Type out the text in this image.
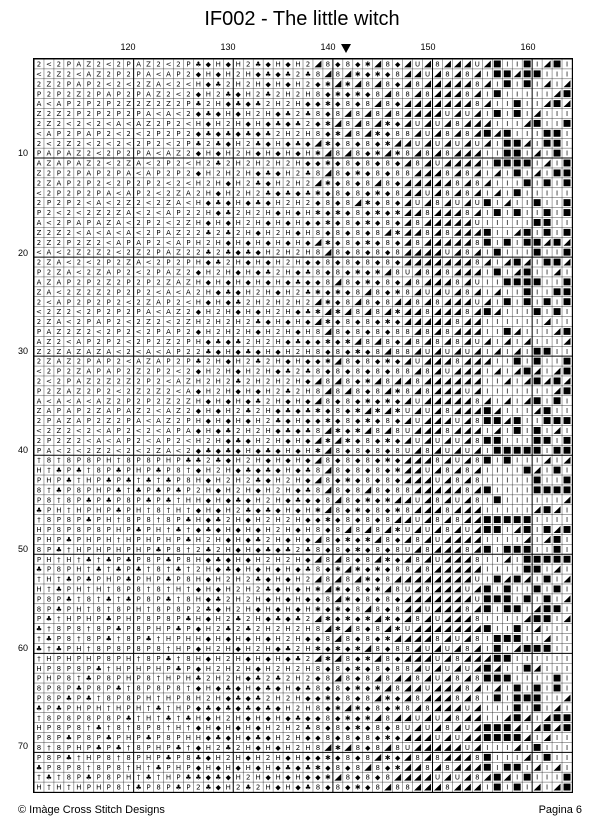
IF002 - The little witch
120	130	140	150	160
10
20
30
40
50
60
70
2 < 2 P A Z 2 < 2 P A Z 2 < 2 P ♣ ◆ H ◆ H 2 ♣ ◆ H ◆ H 2 8 ◆ 8 ◆ ✱ 8 ◆ U 8	U	I I	I	I
< 2 Z 2 < A Z 2 P 2 P A < A P 2 ◆ H ◆ H 2 H ◆ ♣ ◆ ♣ 2 ♣ 8 8 ✱ ◆ ✱ ◆ 8	U 8 8 I	I I I
2 Z 2 P A P 2 < 2 < 2 Z A < 2 < H ◆ ♣ 2 H 2 H ◆ H ◆ H 2 ◆ ✱ ✱ 8 8 ◆ 8	8 I	I	I	I
P 2 P 2 Z 2 P A P 2 P A Z 2 < 2 ◆ H 2 ♣ ◆ H 2 ♣ 2 H 2 H 8 ◆ ✱ ◆ ✱ ◆ 8 8 8 8	8 I	I I I I I
A < A P 2 P 2 P 2 Z 2 Z 2 Z 2 P ♣ 2 H ◆ ♣ ◆ ♣ 2 H 2 H ◆ ◆ ✱ ◆ 8 ◆ 8 8 ◆	8 I I	I I
Z 2 Z 2 P 2 P 2 P 2 P A < A < 2 ◆ ♣ ◆ H ◆ H 2 H ◆ ♣ 2 ♣ 8 ◆ 8 8 8 8	U U I	I	I	I I I
2 Z 2 < 2 < 2 < A < A Z 2 P 2 < H ◆ H 2 H ◆ H ◆ ♣ ◆ ♣ 2 ◆ ✱ 8 8 ✱ ◆ U U 8	I I I	I I
< A P 2 P A P 2 < 2 < 2 P 2 P 2 ◆ ♣ ◆ ♣ ◆ ♣ ◆ ♣ 2 H 2 H 8 ◆ ✱ 8 ✱ ◆ 8 8 U 8 8	I I I	I
2 < 2 Z 2 < 2 < 2 < 2 P 2 < 2 P ♣ 2 ♣ ◆ H 2 ♣ ◆ H ◆ ♣ ◆ ✱ ◆ 8 ◆ 8 ◆ ✱	U U U U I	I	I
P A P A Z 2 < 2 P 2 P A < A Z 2 ◆ H ◆ H 2 H ◆ H ◆ H ◆ H ✱ 8 8 ◆ ✱ ✱ 8 8 8	I I	I	I	I
A Z A P A Z 2 < 2 Z A < 2 P 2 < H 2 ♣ 2 H 2 H 2 H 2 H ◆ ◆ ✱ ◆ 8 ◆ 8 ◆ 8 ◆ 8 U	I	I	I
Z 2 P 2 P A P 2 P A < A P 2 P 2 ◆ H 2 H 2 H ◆ ♣ ◆ H 2 ♣ 8 8 ◆ ✱ ◆ 8 ◆ 8 8	8 8 I	I	I	I
2 Z A P 2 P 2 < 2 P 2 P 2 < 2 < H 2 H ◆ H 2 ♣ ◆ H 2 H 2 ✱ ◆ 8 ◆ 8 8 ◆	8 8 I I I	I	I
< 2 P 2 P 2 P A < A P 2 < 2 Z A 2 H ◆ H 2 H 2 ♣ ◆ ♣ ◆ ♣ ✱ ◆ 8 ◆ 8 ◆ ✱ ◆ 8	U 8 8 I	I	I I I I I
2 P 2 P 2 < A < 2 Z 2 < 2 Z A < H ◆ ♣ ◆ H ◆ ♣ ◆ H 2 H 2 ◆ 8 ◆ 8 ✱ ◆ 8 ◆ U 8 U U I	I I	I I
P 2 < 2 < 2 Z 2 Z A < 2 < A P 2 2 H ◆ ♣ 2 H 2 H ◆ H ◆ H ✱ ◆ ✱ ◆ 8 ◆ ✱ ◆ ✱	8	8 I	I	I I	I
A < 2 P A P A Z A < 2 P 2 < 2 Z H ◆ H ◆ H 2 H ◆ H ◆ H ◆ ◆ ✱ ◆ 8 ◆ ✱ ◆ 8 ◆ 8	U I I I I I	I I
Z 2 Z 2 < A < A < A < 2 P A Z 2 2 ♣ 2 ♣ 2 H ◆ H 2 H ◆ H 8 ◆ 8 ◆ 8 ◆ 8 ✱	8 8	I I	I	I
2 Z 2 P 2 Z 2 < A P A P 2 < A P H 2 H ◆ H ◆ H ◆ H ◆ H ◆ ✱ ◆ 8 ◆ ✱ ◆ 8 ◆ 8	8 I	I
< A < 2 Z 2 Z 2 < 2 Z 2 P A Z 2 2 ♣ 2 ♣ ◆ ♣ ◆ H 2 H 2 H 8 8 ◆ 8 ◆ 8 ◆ 8	U 8 I	I I I	I I
2 Z A < 2 < 2 P 2 Z A < 2 P 2 P H ◆ ♣ 2 H ◆ H ◆ H 2 H ◆ ◆ 8 ◆ 8 ◆ 8 ◆ 8 ◆	8 I	I
P 2 Z A < 2 Z A P 2 < 2 P A Z 2 ◆ H 2 H ◆ H ◆ ♣ 2 H ◆ ♣ 8 ◆ 8 ◆ ✱ ◆ ✱ 8 U 8 8	I	I	I I	I
A Z A P 2 P 2 Z 2 P 2 P 2 Z A Z H ◆ H ◆ H ◆ H ◆ H ◆ ♣ ◆ ◆ 8 8 ◆ ✱ ◆ 8 ◆ 8	8 U I I	I I
Z A < 2 Z 2 Z 2 P 2 P 2 < A < A 2 H ◆ ♣ ◆ H 2 H ◆ H 2 ♣ ✱ ◆ ✱ ◆ 8 8 ◆ ✱ 8 U U 8 I	I I	I I
2 < A P 2 P 2 P 2 < 2 Z A P 2 < H ◆ H ◆ ♣ 2 H 2 H 2 H 2 ✱ ◆ 8 8 ◆ 8	8 8	U I	I	I	I
< 2 Z 2 < 2 P 2 P 2 P A < A Z 2 ◆ H 2 H ◆ H ◆ H 2 H ◆ ♣ ✱ ✱ 8 8 ✱	8	8	I I I	I	I
2 Z A < 2 P A P 2 < 2 Z 2 < 2 Z H 2 H 2 H 2 ♣ ◆ H ◆ H ◆ ✱ ◆ 8 ◆ 8 ◆ ✱ ◆	8	I I I I I I	I I
P A Z 2 Z 2 < 2 P 2 < 2 P A P 2 ◆ H 2 H 2 H ◆ H 2 H ◆ H 8 8 ◆ 8 ◆ 8 ◆ 8 8 8 8	I I	I I I
A Z 2 < A P 2 P 2 < 2 P 2 Z 2 P H ◆ ♣ ◆ ♣ 2 H 2 H ◆ ♣ ◆ ◆ ✱ ◆ ✱ 8 8 ◆ 8 8 8 U I	I	I I I
Z 2 Z A Z A Z A < 2 < A < A P 2 2 ♣ ◆ H ◆ ♣ ◆ H ◆ H 2 H 8 ◆ 8 ◆ ✱ ◆ 8 8 8 U U U I	I	I	I I
2 Z A Z 2 P A P 2 < A Z A P 2 P ♣ 2 H ◆ H 2 ♣ 2 H ◆ H ◆ ◆ ✱ 8 ◆ 8 ◆ ✱ ◆ U	8	I I	I	I I
< 2 P 2 Z A P A P 2 Z 2 P 2 < 2 ◆ H 2 H ◆ H 2 H ◆ ♣ 2 ♣ 8 ◆ 8 ◆ 8 ◆ 8 ◆ 8 8 8 U	I	I	I
2 < 2 P A Z 2 Z 2 Z 2 P 2 < A Z H 2 H 2 ♣ 2 H 2 H 2 H ◆ 8 8 ◆ ✱ 8	8	I I	I
P 2 Z A Z 2 P 2 < 2 Z 2 Z 2 < A ◆ H 2 H ◆ H ◆ H 2 ♣ 2 H 8 8 8 ◆ 8 ✱ 8 8	U I I I I I I I
A < A < A < A Z 2 P 2 P 2 Z 2 Z H ◆ H ◆ H ◆ ♣ 2 H ◆ H ◆ 8 ◆ 8 ◆ ✱ ◆ ✱ ◆ U	8 I	I	I	I
Z A P A P 2 Z A P A Z 2 < A Z 2 ◆ H ◆ H 2 ♣ 2 H ◆ ♣ ◆ ♣ ✱ ◆ 8 ◆ ✱ ✱ ✱ U U 8	I I I	I I
2 P A Z A P 2 Z 2 P A < A Z 2 P H ◆ H ◆ H ◆ H 2 ♣ ◆ H ◆ ◆ ✱ ◆ 8 ◆ ✱ ◆ 8 ◆ U	U 8	I I
< 2 Z 2 < 2 < A P 2 < 2 < A P A ◆ H ◆ ♣ 2 H 2 H ◆ ♣ ◆ ♣ 8 ✱ ◆ ✱ 8 8 U	8	I	I	I	I	I
2 P 2 Z 2 < A < A P 2 < A P 2 < H 2 H ◆ ♣ ◆ H 2 H ◆ H ◆ ✱ ✱ ◆ 8 ◆ ✱ ◆ U U U 8	I I I	I
P A < 2 < 2 Z 2 < 2 < 2 Z A < 2 ◆ ♣ ◆ ♣ ◆ H ◆ ♣ ◆ H ◆ H ✱ 8 ◆ 8 ◆ 8 ◆ 8 U 8 U U I	I
† 8 † 8 P 8 P H † 8 P 8 P H P ♣ ♣ 2 ♣ ◆ H 2 H ◆ H ◆ H ◆ 8 ◆ 8 ◆ 8 ◆ ✱ ◆	8 U 8 I	I I I	I
H † ♣ P ♣ † 8 P ♣ P H P ♣ P 8 † ◆ H 2 H ◆ ♣ ◆ ♣ ◆ H ◆ ♣ 8 8 ◆ 8 ◆ 8 ◆ ✱	U 8 8 I I I I	I	I
P H P ♣ † H P ♣ P ♣ † ♣ † ♣ P 8 H ◆ H 2 H 2 ♣ ◆ H 2 H ◆ 8 ◆ ✱ ◆ 8 ◆ 8 ◆	U 8 8 I I I I I	I I
8 † ♣ P 8 P H P ♣ † ♣ P ♣ P ♣ P 2 H ◆ H 2 H ◆ H 2 H ◆ ♣ 8 8 ◆ 8 8 ◆ 8 8	8	I I I I
P 8 † 8 P ♣ P ♣ P 8 P ♣ P ♣ † H H ◆ H ◆ ♣ ◆ H 2 H ◆ ♣ ◆ ◆ 8 8 ◆ ✱ ◆ ✱	U 8 U 8 I	I I I I I I
♣ P H † H P H P ♣ P H † 8 † H † ◆ H ◆ H 2 ♣ ◆ ♣ ◆ H ◆ H ✱ 8 ◆ ✱ ◆ 8 ◆ ✱ 8	8	I I I I I	I
† 8 P 8 P ♣ P H † 8 P 8 † 8 P ♣ H ◆ ♣ 2 H ◆ H 2 H 2 H ◆ ◆ ✱ ◆ 8 ◆ 8 ◆ 8	U 8 8	I I I I
H P 8 P 8 P 8 P H P ♣ P H † ♣ † ◆ ♣ ◆ H ◆ H ◆ H 2 H ◆ H 8 ◆ 8 8 8 ✱ U U 8 U	I	I
P H P ♣ P H P H † H P H P H P ♣ H 2 H ◆ H ◆ ♣ 2 H ◆ H ◆ 8 ◆ ✱ ◆ ✱ 8 ◆ 8 U	I I I I	I	I
8 P ♣ † H P H P H P H P ♣ P 8 † 2 ♣ 2 H ◆ H ◆ ♣ ◆ ♣ 2 ♣ 8 ◆ 8 ◆ ✱ ◆ 8 ◆ 8 U 8	8	I	I I	I
P H † H † ♣ † ♣ P ♣ P 8 P ♣ P 8 H ◆ ♣ ◆ H ◆ H 2 H 2 H ◆ 8 8 ◆ 8 ✱ ◆ 8 U	8 I I	I
♣ P 8 P H † ♣ † ♣ P ♣ † 8 † ♣ † 2 H ◆ ♣ ◆ H ◆ H ◆ H ◆ ♣ 8 ◆ ✱ ✱ ◆ ✱ ◆ 8 8 8	I I I I	I	I
† H † ♣ P ♣ P H P ♣ P H P ♣ P 8 H ◆ H 2 H 2 ♣ ◆ H ◆ H 2 8 8 ✱ ◆ 8	U I	I	I
H † ♣ P H † H † 8 P 8 † 8 † H † ◆ H ◆ H 2 H 2 ♣ ◆ H ◆ H ✱ ✱ ◆ 8 ◆ ✱ 8 U 8	U	I	I I	I	I
P 8 P ♣ † 8 † ♣ † ♣ P 8 P ♣ † 8 H ◆ ♣ 2 H 2 H ◆ H ◆ H ◆ ◆ 8 ✱ ◆ 8 ◆ 8 ◆	U	I	I	I
8 P ♣ P H † 8 † 8 P H † 8 P 8 P 2 ♣ ◆ H 2 H ◆ H ◆ H ◆ H ✱ ◆ ✱ ◆ 8 8 ◆ 8	U	8	I	I	I
P ♣ † H P H P ♣ P H P 8 P 8 P ♣ H ◆ H 2 ♣ 2 H ◆ ♣ ◆ ♣ 2 ✱ ◆ ✱ ◆ ✱ ✱ ◆ 8 U	8 I I I I	I
♣ † 8 P 8 † 8 P ♣ P 8 P H P ♣ P ◆ H 2 ♣ 2 ♣ 2 H 2 H 2 H 8 ✱ 8 ◆ 8 ✱ U	I I	I	I I I
† ♣ P 8 † 8 P ♣ † 8 P ♣ † H P H H ◆ H ◆ H ◆ H ◆ H 2 H ◆ ◆ 8 8 ◆ 8 ◆ ✱	8 U 8 I	I I	I I
♣ † ♣ P H † 8 P 8 P 8 P 8 † H P ◆ H 2 H ◆ H 2 H ◆ ♣ 2 H ✱ ◆ ✱ ◆ ✱ 8 ◆ 8 8 U U 8 I	I	I I
† H P H P H P 8 P H † 8 P ♣ † 8 H ◆ H 2 H ◆ H ◆ H ◆ ♣ 2 ✱ 8 ◆ ✱ 8 ◆	U 8	I I I I I I
H P 8 P 8 P ♣ † H P H P H P ♣ P ◆ H 2 H 2 H ◆ H 2 H 2 H 8 ◆ 8 ◆ ✱ ◆ 8 ◆ 8 8 U U U	I I	I I I
P H P 8 † ♣ P 8 P H P 8 † H P H ♣ 2 H 2 H ◆ ♣ 2 ♣ 2 H 2 ◆ 8 8 ◆ 8 8	8 U 8 8	I I I I	I
8 P 8 P ♣ P 8 P ♣ † 8 P 8 P 8 † ◆ H ◆ ♣ ◆ H ◆ ♣ ◆ H ◆ ♣ 8 ◆ 8 ◆ ✱ ◆ ✱ 8	U	8 I	I	I	I	I
P 8 P ♣ P ♣ † 8 P 8 P H † H P 8 H 2 H ◆ ♣ ◆ ♣ 2 H 2 H ◆ ◆ ✱ ◆ 8 ◆ 8 ✱ ◆ 8	8 8 I	I	I I
♣ P ♣ P H P H † H P H † ♣ † H P ◆ ♣ ◆ ♣ ◆ ♣ ◆ ♣ ◆ H 2 H 8 ◆ ✱ ✱ ◆ 8 ◆ ✱ 8 8	U I I I	I	I	I
† 8 P 8 P 8 P 8 P ♣ † H † ♣ † ♣ H ◆ H 2 H ◆ H ◆ H ◆ ♣ ◆ ◆ 8 ◆ ✱ ◆ ✱ 8	U U 8	I I	I
H P 8 P 8 † ♣ † 8 † 8 P 8 † H † ◆ H ◆ H ◆ H ◆ H 2 H 2 ♣ 8 ◆ 8 ◆ ✱ ◆ 8 ◆ 8 U U 8 U	I
P 8 P ♣ P 8 P ♣ P H P ♣ P 8 P H H ◆ ♣ ◆ H ◆ ♣ ◆ H 2 H ◆ ◆ 8 ◆ 8 ◆ 8 ◆ ✱ ◆	U U	I	I I
8 † 8 P H P ♣ P ♣ † 8 P H P ♣ † ◆ H 2 ♣ 2 H ◆ H ◆ H 2 H 8 ✱ 8 ◆ 8 8 U	U I I I	I	I I I
P 8 P ♣ † H P 8 † 8 P H P ♣ P 8 ♣ ◆ H 2 H ◆ H 2 H ◆ H ◆ ◆ ✱ ◆ 8 ◆ 8 ✱ ◆ 8 8	8 I I I	I	I I
♣ P 8 P 8 † 8 P 8 † H † ♣ P H P ◆ H ◆ H ◆ H ◆ H ◆ ♣ ◆ ♣ ✱ ◆ 8 ◆ 8 8 ◆ ✱	8 8	I	I	I	I
† ♣ † 8 P ♣ P 8 P H † ♣ † H P ♣ ♣ ◆ ♣ ◆ H 2 H ◆ H ◆ H ◆ ◆ ✱ 8 ◆ 8 ◆ 8	U U 8	I	I I I
H † H † H P H P 8 † ♣ P 8 P ♣ P 2 ♣ ◆ H 2 ♣ 2 H ◆ H ◆ ♣ 8 ◆ 8 ◆ ✱ ◆ 8 8 8	8	I	I	I	I
© Imàge Cross Stitch Designs	Pagina 6
